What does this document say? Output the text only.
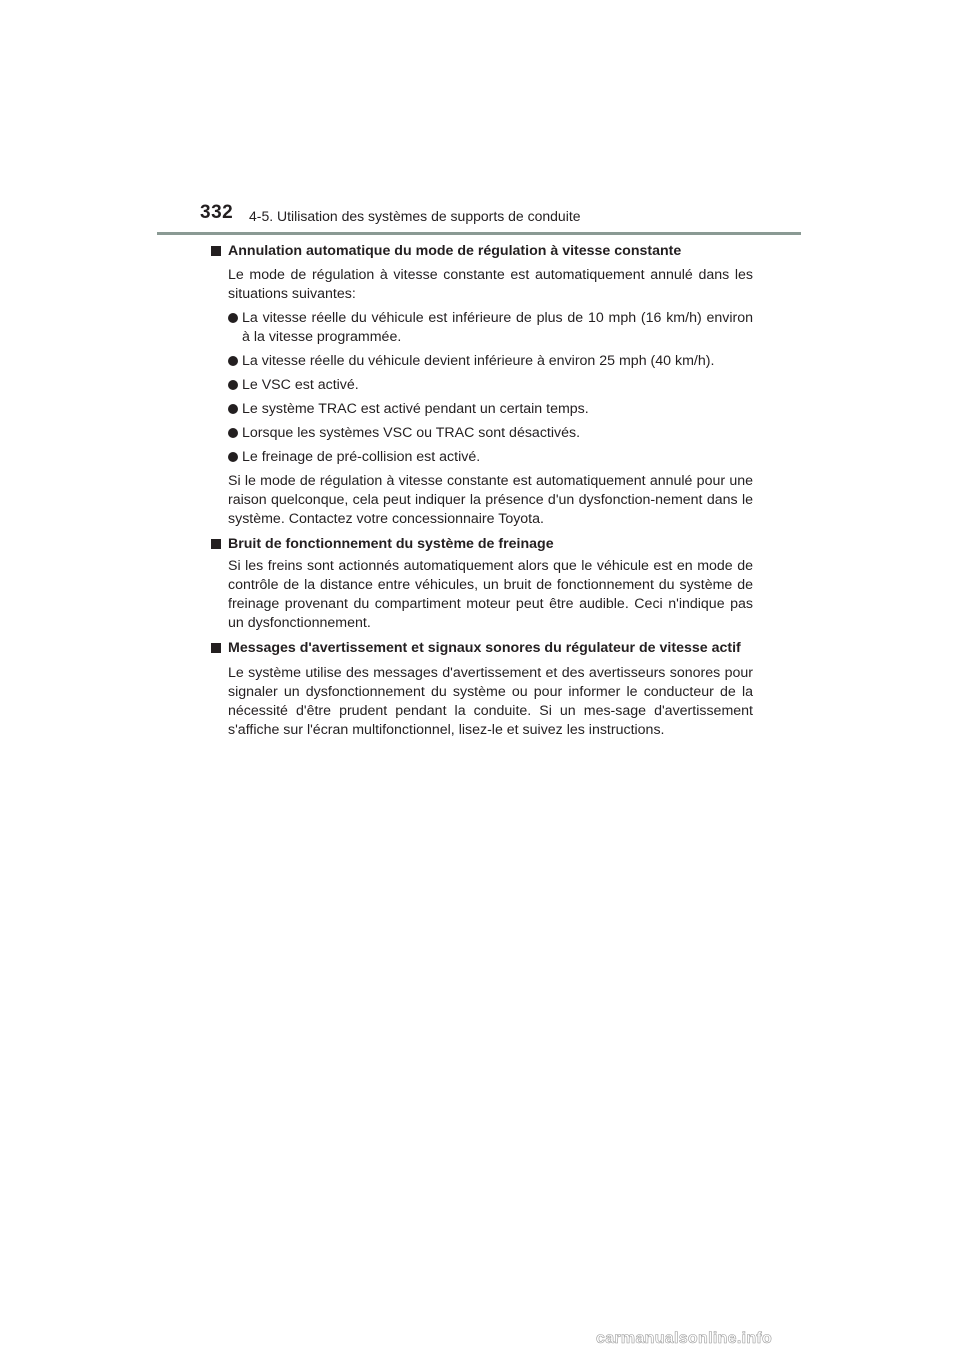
332 4-5. Utilisation des systèmes de supports de conduite

Annulation automatique du mode de régulation à vitesse constante

Le mode de régulation à vitesse constante est automatiquement annulé dans les situations suivantes:

La vitesse réelle du véhicule est inférieure de plus de 10 mph (16 km/h) environ à la vitesse programmée.
La vitesse réelle du véhicule devient inférieure à environ 25 mph (40 km/h).
Le VSC est activé.
Le système TRAC est activé pendant un certain temps.
Lorsque les systèmes VSC ou TRAC sont désactivés.
Le freinage de pré-collision est activé.

Si le mode de régulation à vitesse constante est automatiquement annulé pour une raison quelconque, cela peut indiquer la présence d'un dysfonction-nement dans le système. Contactez votre concessionnaire Toyota.

Bruit de fonctionnement du système de freinage

Si les freins sont actionnés automatiquement alors que le véhicule est en mode de contrôle de la distance entre véhicules, un bruit de fonctionnement du système de freinage provenant du compartiment moteur peut être audible. Ceci n'indique pas un dysfonctionnement.

Messages d'avertissement et signaux sonores du régulateur de vitesse actif

Le système utilise des messages d'avertissement et des avertisseurs sonores pour signaler un dysfonctionnement du système ou pour informer le conducteur de la nécessité d'être prudent pendant la conduite. Si un mes-sage d'avertissement s'affiche sur l'écran multifonctionnel, lisez-le et suivez les instructions.

carmanualsonline.info
